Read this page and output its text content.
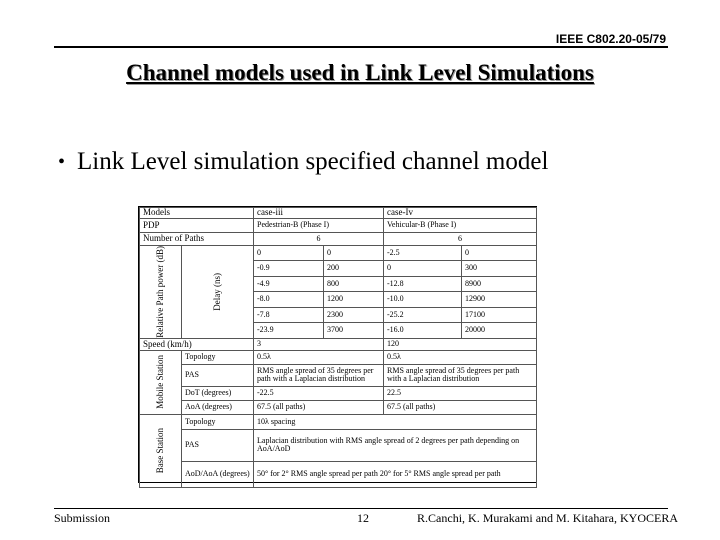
IEEE C802.20-05/79
Channel models used in Link Level Simulations
• Link Level simulation specified channel model
Models		case-iii		case-Iv	
PDP		Pedestrian-B (Phase I)		Vehicular-B (Phase I)	
Number of Paths		6		6	

Relative Path power (dB)	Delay (ns)	0	0	-2.5	0
		-0.9	200	0	300
		-4.9	800	-12.8	8900
		-8.0	1200	-10.0	12900
		-7.8	2300	-25.2	17100
		-23.9	3700	-16.0	20000
Speed (km/h)		3		120	

Mobile Station	Topology	0.5λ		0.5λ	
	PAS	RMS angle spread of 35 degrees per path with a Laplacian distribution		RMS angle spread of 35 degrees per path with a Laplacian distribution	
	DoT (degrees)	-22.5		22.5	
	AoA (degrees)	67.5 (all paths)		67.5 (all paths)	

Base Station	Topology	10λ spacing			
	PAS	Laplacian distribution with RMS angle spread of 2 degrees per path depending on AoA/AoD			
	AoD/AoA (degrees)	50° for 2° RMS angle spread per path 20° for 5° RMS angle spread per path			
Submission	12	R.Canchi, K. Murakami and M. Kitahara, KYOCERA
